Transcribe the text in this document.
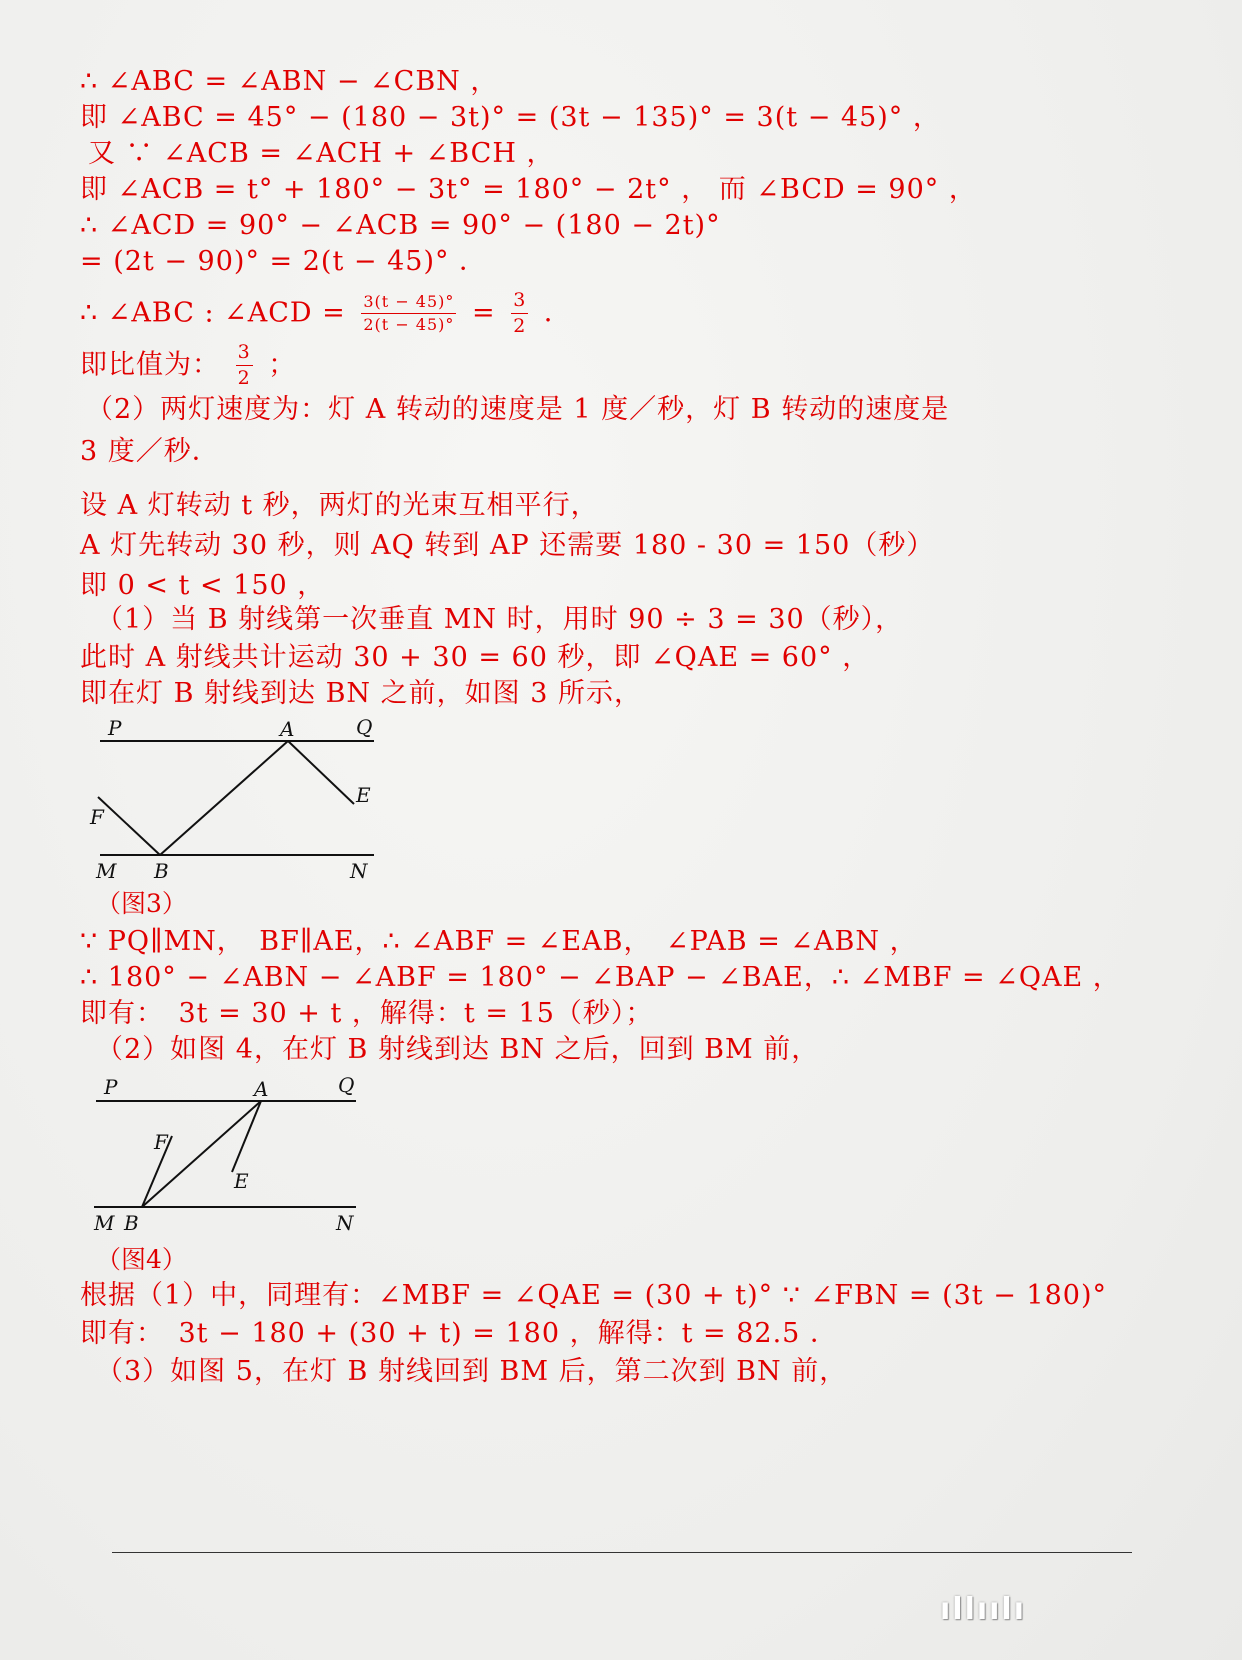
∴ ∠ABC = ∠ABN − ∠CBN ，
即 ∠ABC = 45° − (180 − 3t)° = (3t − 135)° = 3(t − 45)° ，
又 ∵ ∠ACB = ∠ACH + ∠BCH ，
即 ∠ACB = t° + 180° − 3t° = 180° − 2t° ， 而 ∠BCD = 90° ，
∴ ∠ACD = 90° − ∠ACB = 90° − (180 − 2t)°
= (2t − 90)° = 2(t − 45)° ．
∴ ∠ABC : ∠ACD = $\frac{3(t - 45)^\circ}{2(t - 45)^\circ} = \frac{3}{2}$ ．
即比值为： $\frac{3}{2}$ ；
（2）两灯速度为：灯 A 转动的速度是 1 度／秒，灯 B 转动的速度是
3 度／秒．
设 A 灯转动 t 秒，两灯的光束互相平行，
A 灯先转动 30 秒，则 AQ 转到 AP 还需要 180 - 30 = 150（秒）
即 0 < t < 150 ，
（1）当 B 射线第一次垂直 MN 时，用时 90 ÷ 3 = 30（秒），
此时 A 射线共计运动 30 + 30 = 60 秒，即 ∠QAE = 60° ，
即在灯 B 射线到达 BN 之前，如图 3 所示，
P	A	Q
E
F
M B	N
（图3）
∵ PQ∥MN，　BF∥AE，∴ ∠ABF = ∠EAB，　∠PAB = ∠ABN ，
∴ 180° − ∠ABN − ∠ABF = 180° − ∠BAP − ∠BAE，∴ ∠MBF = ∠QAE ，
即有：　3t = 30 + t ，解得：t = 15（秒）；
（2）如图 4，在灯 B 射线到达 BN 之后，回到 BM 前，
P	A	Q
E
F
M B	N
（图4）
根据（1）中，同理有：∠MBF = ∠QAE = (30 + t)° ∵ ∠FBN = (3t − 180)°
即有：　3t − 180 + (30 + t) = 180 ，解得：t = 82.5 ．
（3）如图 5，在灯 B 射线回到 BM 后，第二次到 BN 前，
ıllıılı
